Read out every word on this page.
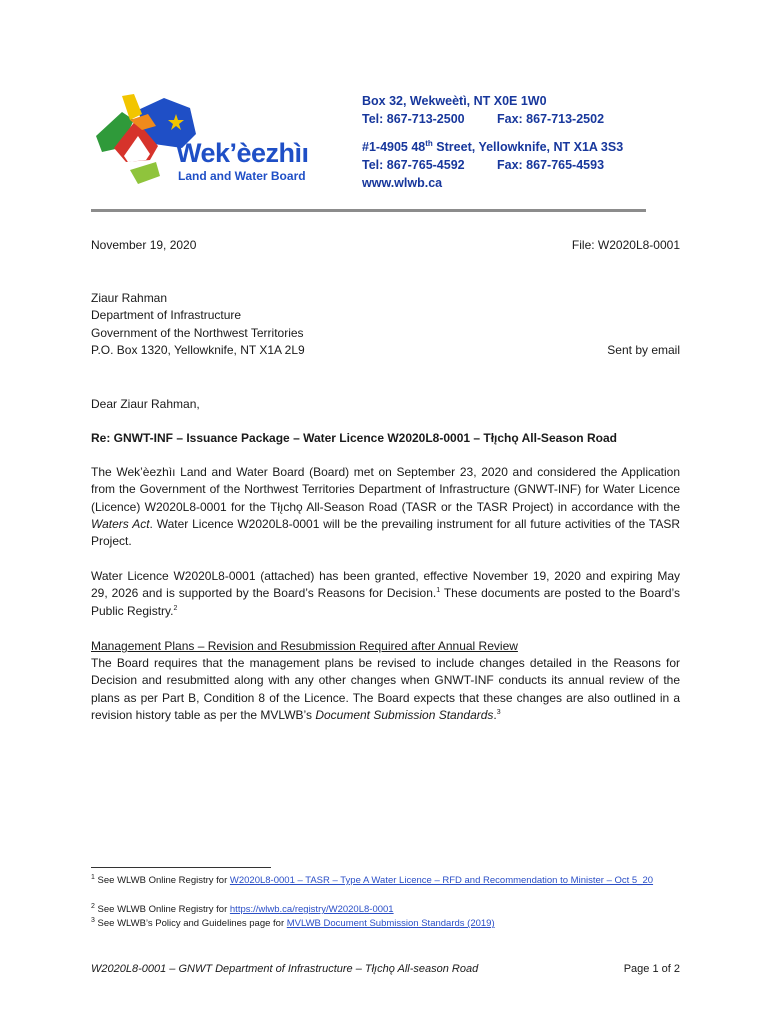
Wek’èezhìı
Land and Water Board
Box 32, Wekweètì, NT X0E 1W0
Tel: 867-713-2500	Fax: 867-713-2502
#1-4905 48th Street, Yellowknife, NT X1A 3S3
Tel: 867-765-4592	Fax: 867-765-4593
www.wlwb.ca
November 19, 2020	File: W2020L8-0001
Ziaur Rahman
Department of Infrastructure
Government of the Northwest Territories
P.O. Box 1320, Yellowknife, NT X1A 2L9	Sent by email
Dear Ziaur Rahman,
Re: GNWT-INF – Issuance Package – Water Licence W2020L8-0001 – Tłı̨chǫ All-Season Road
The Wek’èezhìı Land and Water Board (Board) met on September 23, 2020 and considered the Application from the Government of the Northwest Territories Department of Infrastructure (GNWT-INF) for Water Licence (Licence) W2020L8-0001 for the Tłı̨chǫ All-Season Road (TASR or the TASR Project) in accordance with the Waters Act. Water Licence W2020L8-0001 will be the prevailing instrument for all future activities of the TASR Project.
Water Licence W2020L8-0001 (attached) has been granted, effective November 19, 2020 and expiring May 29, 2026 and is supported by the Board’s Reasons for Decision.$^1$ These documents are posted to the Board’s Public Registry.$^2$
Management Plans – Revision and Resubmission Required after Annual Review
The Board requires that the management plans be revised to include changes detailed in the Reasons for Decision and resubmitted along with any other changes when GNWT-INF conducts its annual review of the plans as per Part B, Condition 8 of the Licence. The Board expects that these changes are also outlined in a revision history table as per the MVLWB’s Document Submission Standards.$^3$
$^1$ See WLWB Online Registry for W2020L8-0001 – TASR – Type A Water Licence – RFD and Recommendation to Minister – Oct 5_20
$^2$ See WLWB Online Registry for https://wlwb.ca/registry/W2020L8-0001
$^3$ See WLWB’s Policy and Guidelines page for MVLWB Document Submission Standards (2019)
W2020L8-0001 – GNWT Department of Infrastructure – Tłı̨chǫ All-season Road	Page 1 of 2
